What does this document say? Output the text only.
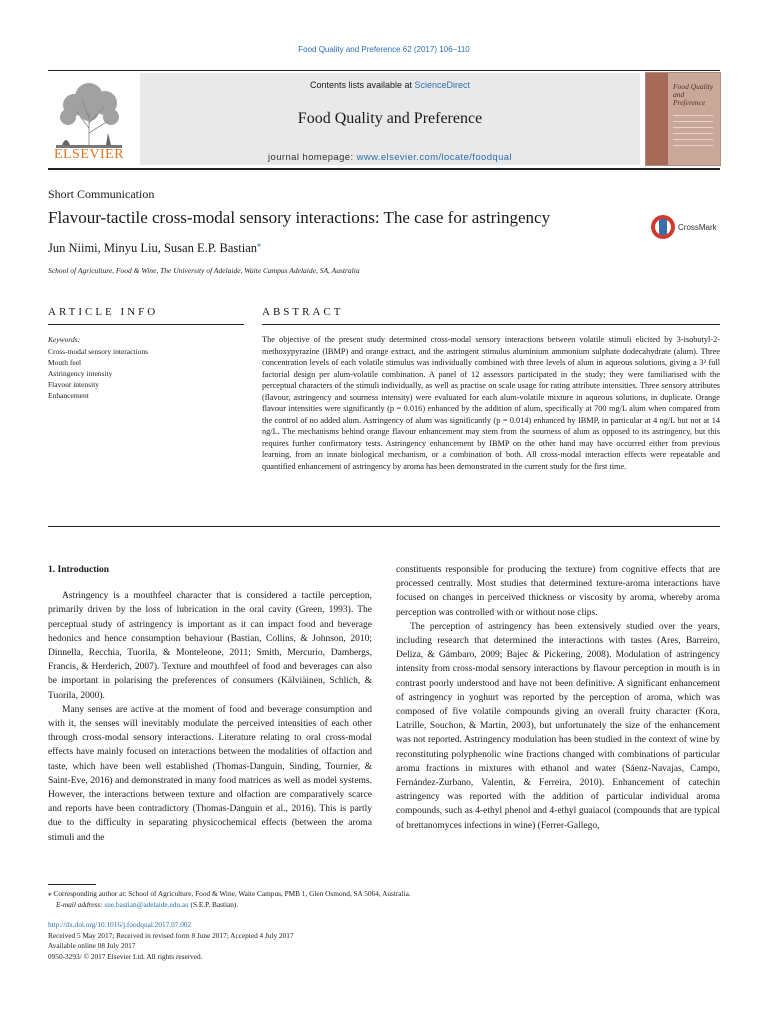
Food Quality and Preference 62 (2017) 106–110
ELSEVIER
Contents lists available at ScienceDirect
Food Quality and Preference
journal homepage: www.elsevier.com/locate/foodqual
Food Quality and Preference
Short Communication
Flavour-tactile cross-modal sensory interactions: The case for astringency
CrossMark
Jun Niimi, Minyu Liu, Susan E.P. Bastian⁎
School of Agriculture, Food & Wine, The University of Adelaide, Waite Campus Adelaide, SA, Australia
ARTICLE INFO	ABSTRACT
Keywords:
Cross-modal sensory interactions
Mouth feel
Astringency intensity
Flavour intensity
Enhancement
The objective of the present study determined cross-modal sensory interactions between volatile stimuli elicited by 3-isobutyl-2-methoxypyrazine (IBMP) and orange extract, and the astringent stimulus aluminium ammonium sulphate dodecahydrate (alum). Three concentration levels of each volatile stimulus was individually combined with three levels of alum in aqueous solutions, giving a 3² full factorial design per alum-volatile combination. A panel of 12 assessors participated in the study; they were familiarised with the perceptual characters of the stimuli individually, as well as practise on scale usage for rating attribute intensities. Three sensory attributes (flavour, astringency and sourness intensity) were evaluated for each alum-volatile mixture in aqueous solutions, in duplicate. Orange flavour intensities were significantly (p = 0.016) enhanced by the addition of alum, specifically at 700 mg/L alum when compared from the control of no added alum. Astringency of alum was significantly (p = 0.014) enhanced by IBMP, in particular at 4 ng/L but not at 14 ng/L. The mechanisms behind orange flavour enhancement may stem from the sourness of alum as opposed to its astringency, but this requires further confirmatory tests. Astringency enhancement by IBMP on the other hand may have occurred either from previous learning, from an innate biological mechanism, or a combination of both. All cross-modal interaction effects were repeatable and quantified enhancement of astringency by aroma has been demonstrated in the current study for the first time.

1. Introduction

Astringency is a mouthfeel character that is considered a tactile perception, primarily driven by the loss of lubrication in the oral cavity (Green, 1993). The perceptual study of astringency is important as it can impact food and beverage hedonics and hence consumption behaviour (Bastian, Collins, & Johnson, 2010; Dinnella, Recchia, Tuorila, & Monteleone, 2011; Smith, Mercurio, Dambergs, Francis, & Herderich, 2007). Texture and mouthfeel of food and beverages can also be important in polarising the preferences of consumers (Kälviäinen, Schlich, & Tuorila, 2000).

Many senses are active at the moment of food and beverage consumption and with it, the senses will inevitably modulate the perceived intensities of each other through cross-modal sensory interactions. Literature relating to oral cross-modal effects have mainly focused on interactions between the modalities of olfaction and taste, which have been well established (Thomas-Danguin, Sinding, Tournier, & Saint-Eve, 2016) and demonstrated in many food matrices as well as model systems. However, the interactions between texture and olfaction are comparatively scarce and reports have been contradictory (Thomas-Danguin et al., 2016). This is partly due to the difficulty in separating physicochemical effects (between the aroma stimuli and the

constituents responsible for producing the texture) from cognitive effects that are processed centrally. Most studies that determined texture-aroma interactions have focused on changes in perceived thickness or viscosity by aroma, whereby aroma perception was controlled with or without nose clips.

The perception of astringency has been extensively studied over the years, including research that determined the interactions with tastes (Ares, Barreiro, Deliza, & Gámbaro, 2009; Bajec & Pickering, 2008). Modulation of astringency intensity from cross-modal sensory interactions by flavour perception in mouth is in contrast poorly understood and have not been definitive. A significant enhancement of astringency in yoghurt was reported by the perception of aroma, which was composed of five volatile compounds giving an overall fruity character (Kora, Latrille, Souchon, & Martin, 2003), but unfortunately the size of the enhancement was not reported. Astringency modulation has been studied in the context of wine by reconstituting polyphenolic wine fractions changed with combinations of particular aroma fractions in mixtures with ethanol and water (Sáenz-Navajas, Campo, Fernández-Zurbano, Valentin, & Ferreira, 2010). Enhancement of catechin astringency was reported with the addition of particular individual aroma compounds, such as 4-ethyl phenol and 4-ethyl guaiacol (compounds that are typical of brettanomyces infections in wine) (Ferrer-Gallego,

⁎ Corresponding author at: School of Agriculture, Food & Wine, Waite Campus, PMB 1, Glen Osmond, SA 5064, Australia.

E-mail address: sue.bastian@adelaide.edu.au (S.E.P. Bastian).

http://dx.doi.org/10.1016/j.foodqual.2017.07.002

Received 5 May 2017; Received in revised form 8 June 2017; Accepted 4 July 2017

Available online 08 July 2017

0950-3293/ © 2017 Elsevier Ltd. All rights reserved.
